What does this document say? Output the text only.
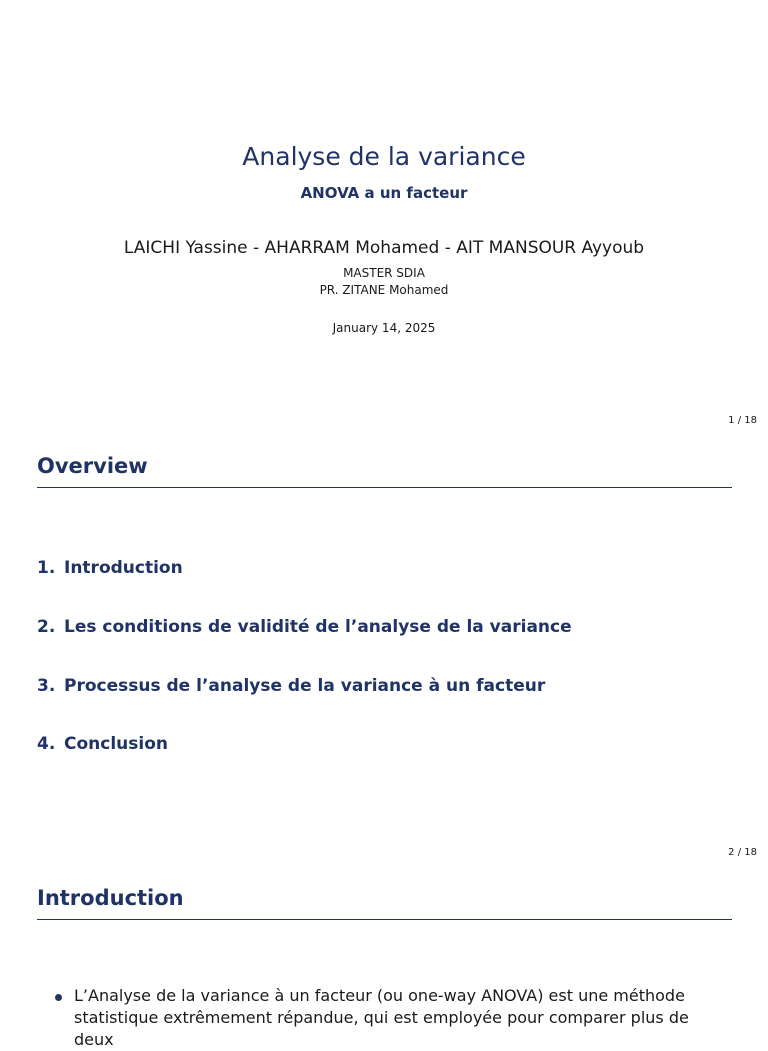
Analyse de la variance
ANOVA a un facteur
LAICHI Yassine - AHARRAM Mohamed - AIT MANSOUR Ayyoub
MASTER SDIA
PR. ZITANE Mohamed
January 14, 2025
1 / 18
Overview
1. Introduction
2. Les conditions de validité de l’analyse de la variance
3. Processus de l’analyse de la variance à un facteur
4. Conclusion
2 / 18
Introduction
L’Analyse de la variance à un facteur (ou one-way ANOVA) est une méthode statistique extrêmement répandue, qui est employée pour comparer plus de deux
